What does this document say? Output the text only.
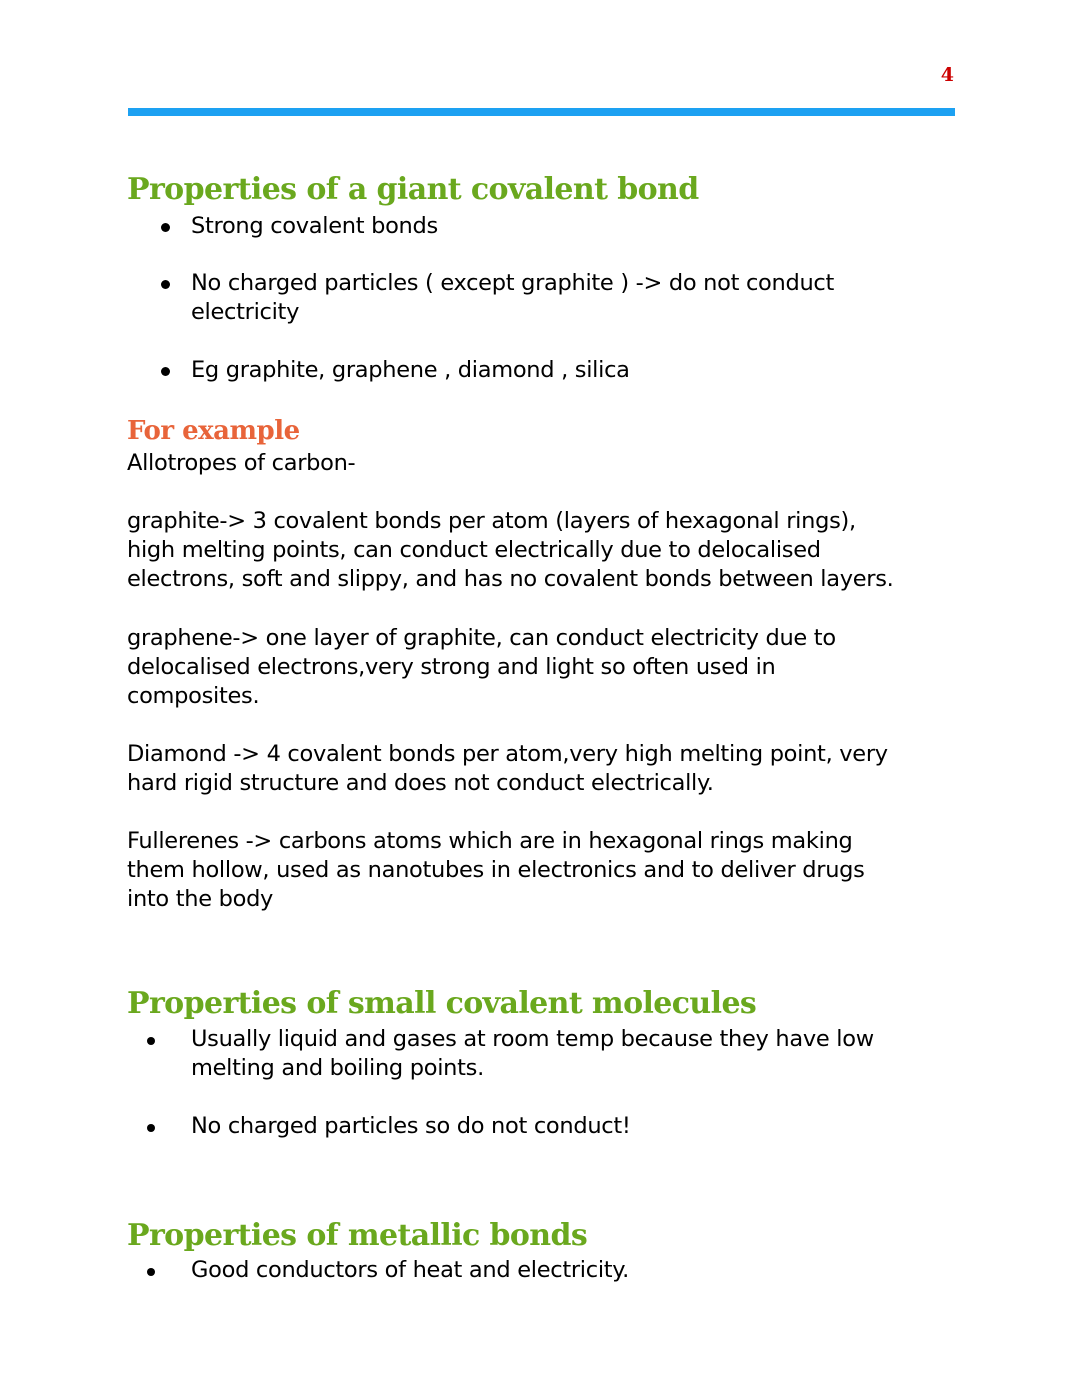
4
Properties of a giant covalent bond

Strong covalent bonds

No charged particles ( except graphite ) -> do not conduct

electricity

Eg graphite, graphene , diamond , silica

For example

Allotropes of carbon-

graphite-> 3 covalent bonds per atom (layers of hexagonal rings),
high melting points, can conduct electrically due to delocalised
electrons, soft and slippy, and has no covalent bonds between layers.
graphene-> one layer of graphite, can conduct electricity due to
delocalised electrons,very strong and light so often used in
composites.
Diamond -> 4 covalent bonds per atom,very high melting point, very
hard rigid structure and does not conduct electrically.
Fullerenes -> carbons atoms which are in hexagonal rings making
them hollow, used as nanotubes in electronics and to deliver drugs
into the body
Properties of small covalent molecules

Usually liquid and gases at room temp because they have low

melting and boiling points.

No charged particles so do not conduct!

Properties of metallic bonds

Good conductors of heat and electricity.
